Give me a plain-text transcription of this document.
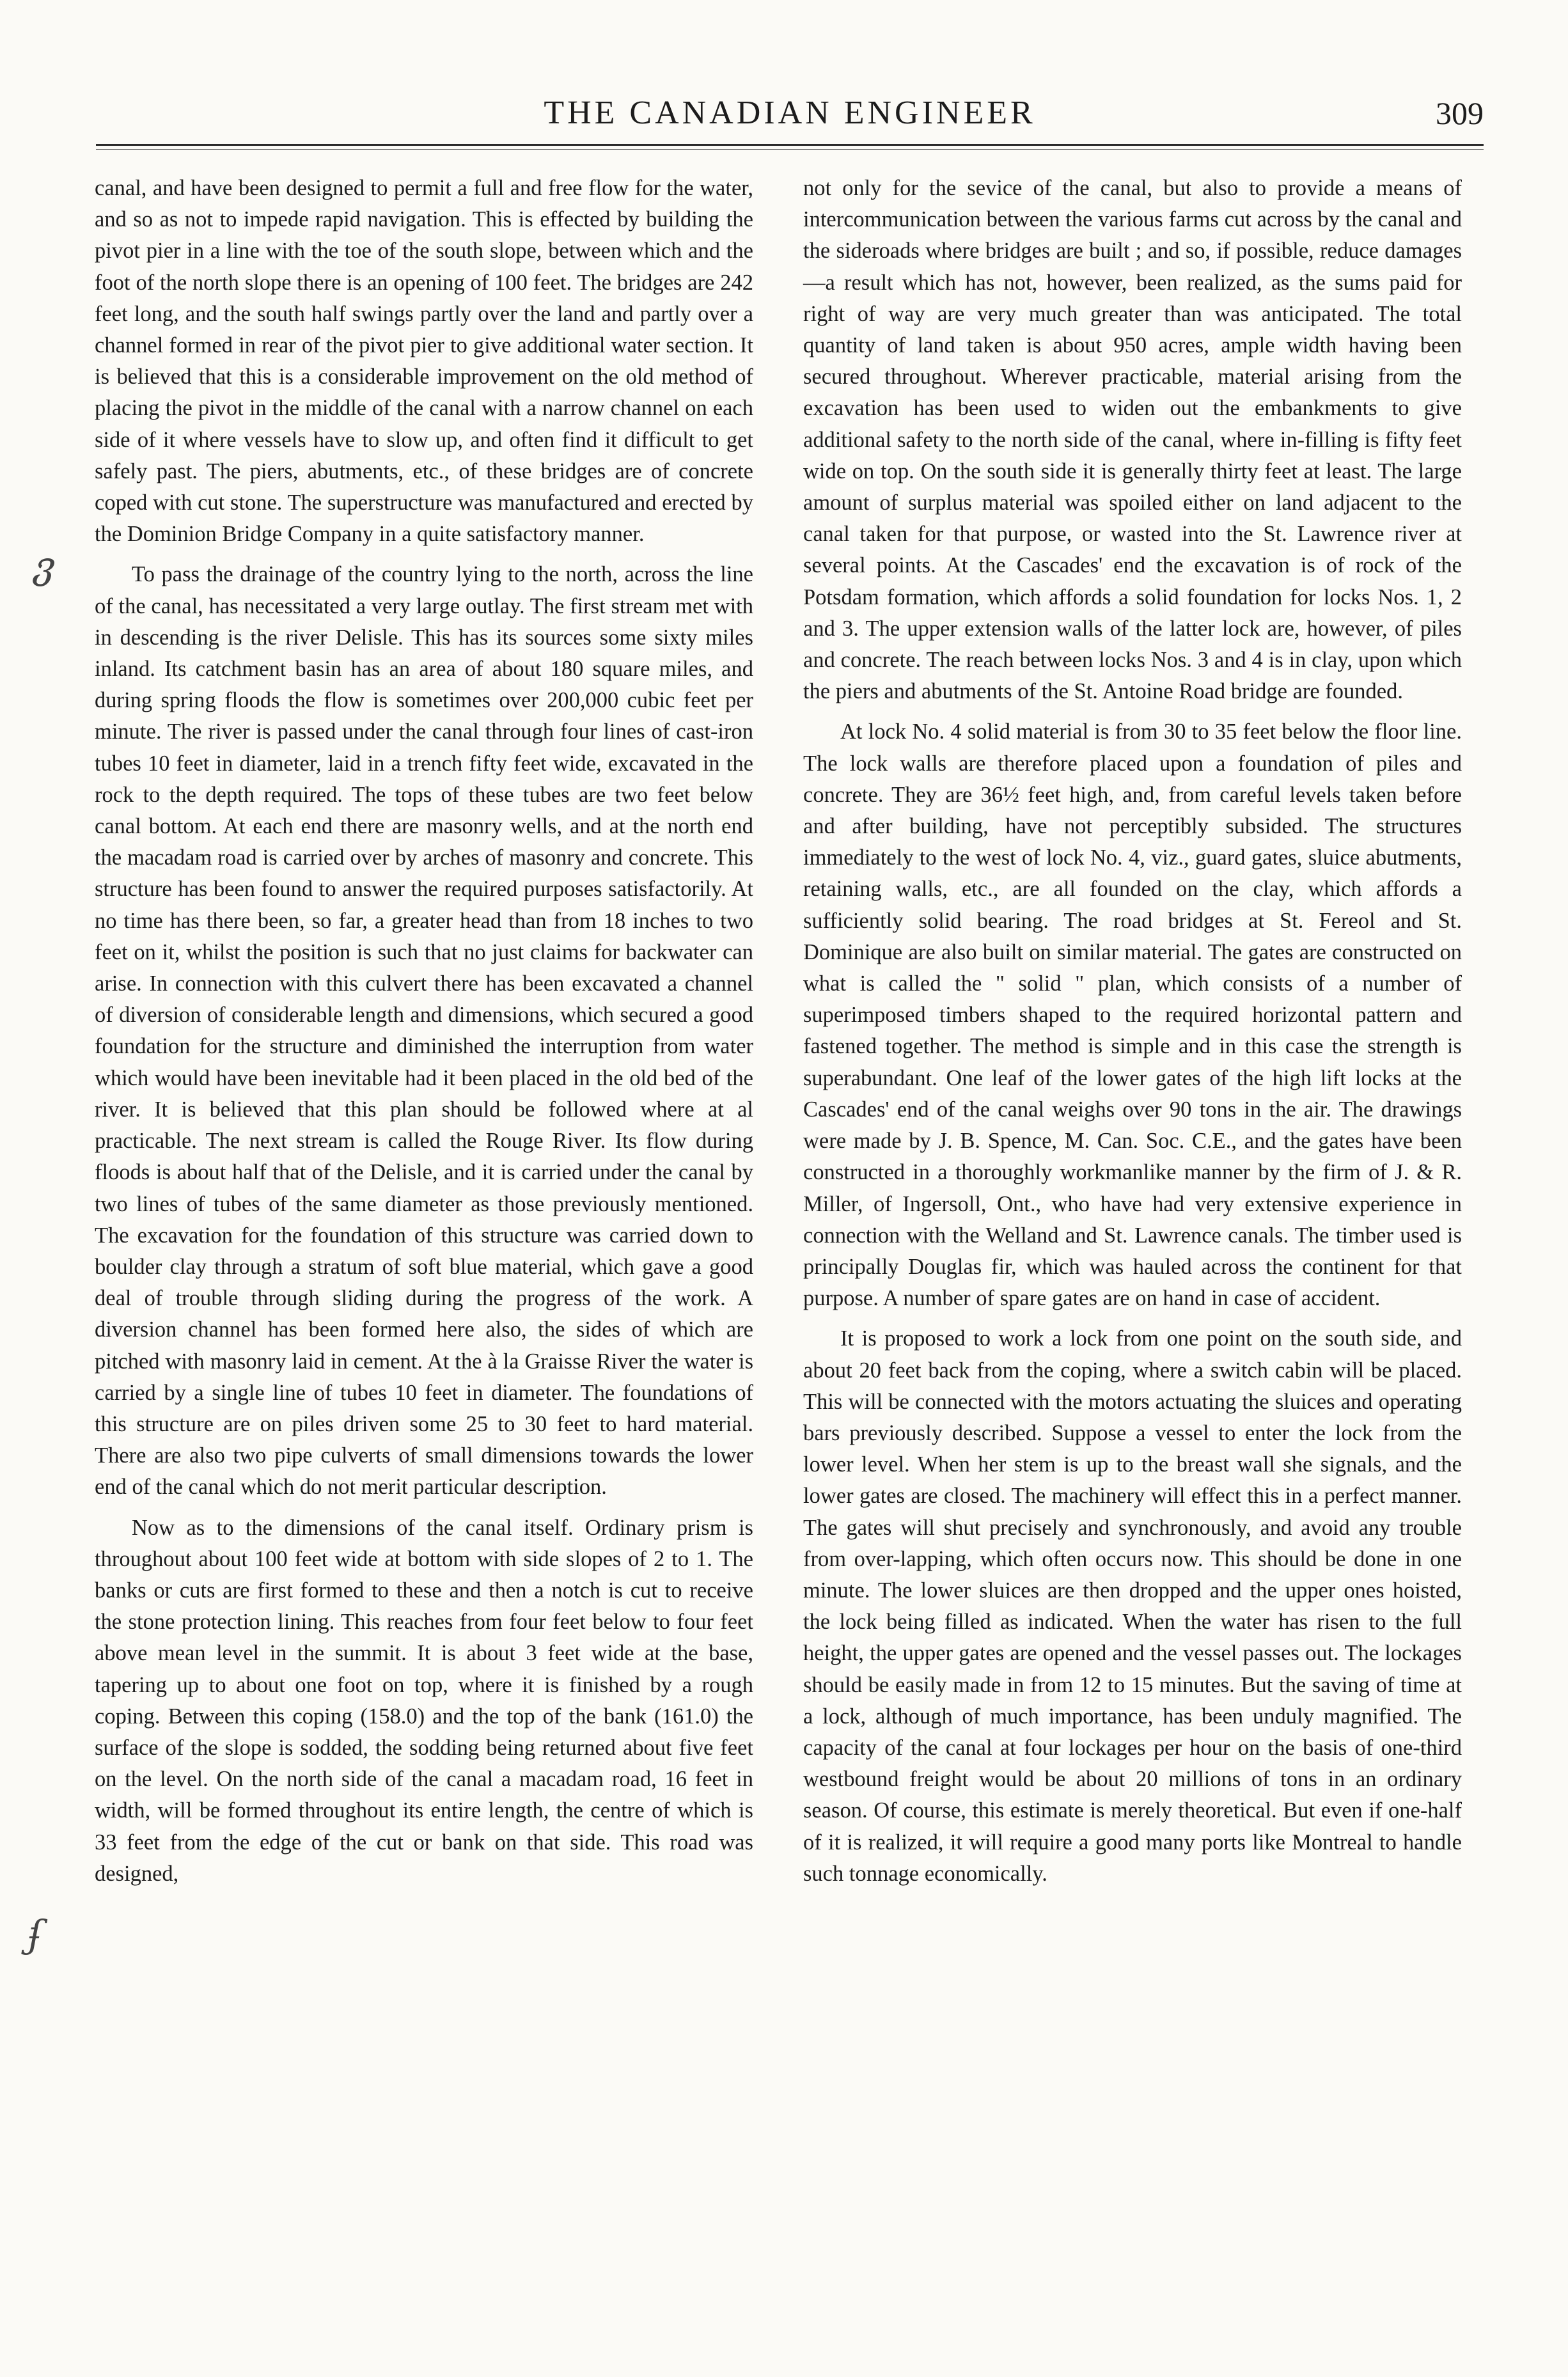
THE CANADIAN ENGINEER	309
ვ
ʄ

canal, and have been designed to permit a full and free flow for the water, and so as not to impede rapid navigation. This is effected by building the pivot pier in a line with the toe of the south slope, between which and the foot of the north slope there is an opening of 100 feet. The bridges are 242 feet long, and the south half swings partly over the land and partly over a channel formed in rear of the pivot pier to give additional water section. It is believed that this is a considerable improvement on the old method of placing the pivot in the middle of the canal with a narrow channel on each side of it where vessels have to slow up, and often find it difficult to get safely past. The piers, abutments, etc., of these bridges are of concrete coped with cut stone. The superstructure was manufactured and erected by the Dominion Bridge Company in a quite satisfactory manner.

To pass the drainage of the country lying to the north, across the line of the canal, has necessitated a very large outlay. The first stream met with in descending is the river Delisle. This has its sources some sixty miles inland. Its catchment basin has an area of about 180 square miles, and during spring floods the flow is sometimes over 200,000 cubic feet per minute. The river is passed under the canal through four lines of cast-iron tubes 10 feet in diameter, laid in a trench fifty feet wide, excavated in the rock to the depth required. The tops of these tubes are two feet below canal bottom. At each end there are masonry wells, and at the north end the macadam road is carried over by arches of masonry and concrete. This structure has been found to answer the required purposes satisfactorily. At no time has there been, so far, a greater head than from 18 inches to two feet on it, whilst the position is such that no just claims for backwater can arise. In connection with this culvert there has been excavated a channel of diversion of considerable length and dimensions, which secured a good foundation for the structure and diminished the interruption from water which would have been inevitable had it been placed in the old bed of the river. It is believed that this plan should be followed where at al practicable. The next stream is called the Rouge River. Its flow during floods is about half that of the Delisle, and it is carried under the canal by two lines of tubes of the same diameter as those previously mentioned. The excavation for the foundation of this structure was carried down to boulder clay through a stratum of soft blue material, which gave a good deal of trouble through sliding during the progress of the work. A diversion channel has been formed here also, the sides of which are pitched with masonry laid in cement. At the à la Graisse River the water is carried by a single line of tubes 10 feet in diameter. The foundations of this structure are on piles driven some 25 to 30 feet to hard material. There are also two pipe culverts of small dimensions towards the lower end of the canal which do not merit particular description.

Now as to the dimensions of the canal itself. Ordinary prism is throughout about 100 feet wide at bottom with side slopes of 2 to 1. The banks or cuts are first formed to these and then a notch is cut to receive the stone protection lining. This reaches from four feet below to four feet above mean level in the summit. It is about 3 feet wide at the base, tapering up to about one foot on top, where it is finished by a rough coping. Between this coping (158.0) and the top of the bank (161.0) the surface of the slope is sodded, the sodding being returned about five feet on the level. On the north side of the canal a macadam road, 16 feet in width, will be formed throughout its entire length, the centre of which is 33 feet from the edge of the cut or bank on that side. This road was designed,

not only for the sevice of the canal, but also to provide a means of intercommunication between the various farms cut across by the canal and the sideroads where bridges are built ; and so, if possible, reduce damages—a result which has not, however, been realized, as the sums paid for right of way are very much greater than was anticipated. The total quantity of land taken is about 950 acres, ample width having been secured throughout. Wherever practicable, material arising from the excavation has been used to widen out the embankments to give additional safety to the north side of the canal, where in-filling is fifty feet wide on top. On the south side it is generally thirty feet at least. The large amount of surplus material was spoiled either on land adjacent to the canal taken for that purpose, or wasted into the St. Lawrence river at several points. At the Cascades' end the excavation is of rock of the Potsdam formation, which affords a solid foundation for locks Nos. 1, 2 and 3. The upper extension walls of the latter lock are, however, of piles and concrete. The reach between locks Nos. 3 and 4 is in clay, upon which the piers and abutments of the St. Antoine Road bridge are founded.

At lock No. 4 solid material is from 30 to 35 feet below the floor line. The lock walls are therefore placed upon a foundation of piles and concrete. They are 36½ feet high, and, from careful levels taken before and after building, have not perceptibly subsided. The structures immediately to the west of lock No. 4, viz., guard gates, sluice abutments, retaining walls, etc., are all founded on the clay, which affords a sufficiently solid bearing. The road bridges at St. Fereol and St. Dominique are also built on similar material. The gates are constructed on what is called the " solid " plan, which consists of a number of superimposed timbers shaped to the required horizontal pattern and fastened together. The method is simple and in this case the strength is superabundant. One leaf of the lower gates of the high lift locks at the Cascades' end of the canal weighs over 90 tons in the air. The drawings were made by J. B. Spence, M. Can. Soc. C.E., and the gates have been constructed in a thoroughly workmanlike manner by the firm of J. & R. Miller, of Ingersoll, Ont., who have had very extensive experience in connection with the Welland and St. Lawrence canals. The timber used is principally Douglas fir, which was hauled across the continent for that purpose. A number of spare gates are on hand in case of accident.

It is proposed to work a lock from one point on the south side, and about 20 feet back from the coping, where a switch cabin will be placed. This will be connected with the motors actuating the sluices and operating bars previously described. Suppose a vessel to enter the lock from the lower level. When her stem is up to the breast wall she signals, and the lower gates are closed. The machinery will effect this in a perfect manner. The gates will shut precisely and synchronously, and avoid any trouble from over-lapping, which often occurs now. This should be done in one minute. The lower sluices are then dropped and the upper ones hoisted, the lock being filled as indicated. When the water has risen to the full height, the upper gates are opened and the vessel passes out. The lockages should be easily made in from 12 to 15 minutes. But the saving of time at a lock, although of much importance, has been unduly magnified. The capacity of the canal at four lockages per hour on the basis of one-third westbound freight would be about 20 millions of tons in an ordinary season. Of course, this estimate is merely theoretical. But even if one-half of it is realized, it will require a good many ports like Montreal to handle such tonnage economically.
